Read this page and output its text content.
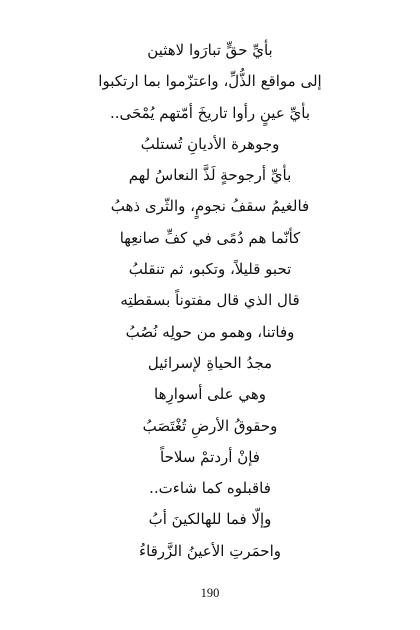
بأيِّ حقٍّ تبارَوا لاهثين
إلى مواقع الذُّلِّ، واعتزّموا بما ارتكبوا
بأيِّ عينٍ رأوا تاريخَ أمّتهم يُمْحَى..
وجوهرة الأديانِ تُستلبُ
بأيِّ أرجوحةٍ لَذَّ النعاسُ لهم
فالغيمُ سقفُ نجومٍ، والثّرى ذهبُ
كأنّما هم دُمًى في كفِّ صانعِها
تحبو قليلاً، وتكبو، ثم تنقلبُ
قال الذي قال مفتوناً بسقطتِه
وفاتنا، وهمو من حولِه نُصُبُ
مجدُ الحياةِ لإسرائيل
وهي على أسوارِها
وحقوقُ الأرضِ تُغْتَصَبُ
فإنْ أردتمْ سلاحاً
فاقبلوه كما شاءت..
وإلّا فما للهالكينَ أبُ
واحمَرتِ الأعينُ الزَّرقاءُ
190
